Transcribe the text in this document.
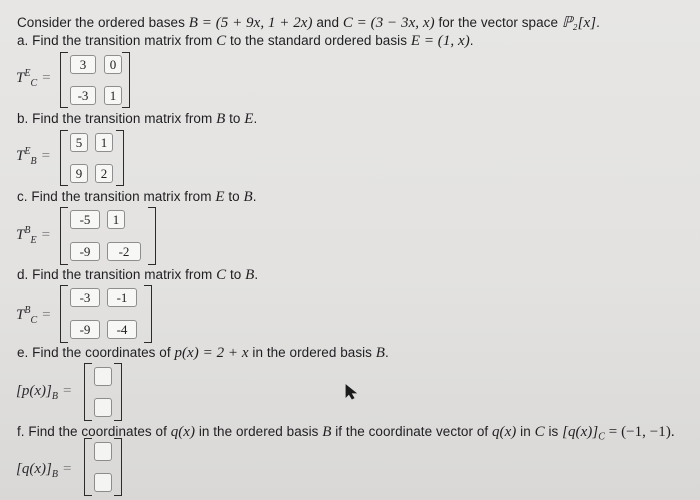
Consider the ordered bases B = (5 + 9x, 1 + 2x) and C = (3 − 3x, x) for the vector space ℙ₂[x].
a. Find the transition matrix from C to the standard ordered basis E = (1, x).
$T^E_C$ =
3	0
-3	1
b. Find the transition matrix from B to E.
$T^E_B$ =
5	1
9	2
c. Find the transition matrix from E to B.
$T^B_E$ =
-5	1
-9	-2
d. Find the transition matrix from C to B.
$T^B_C$ =
-3	-1
-9	-4
e. Find the coordinates of p(x) = 2 + x in the ordered basis B.
$[p(x)]_B$ =
f. Find the coordinates of q(x) in the ordered basis B if the coordinate vector of q(x) in C is $[q(x)]_C = (-1$, −1).
$[q(x)]_B$ =
